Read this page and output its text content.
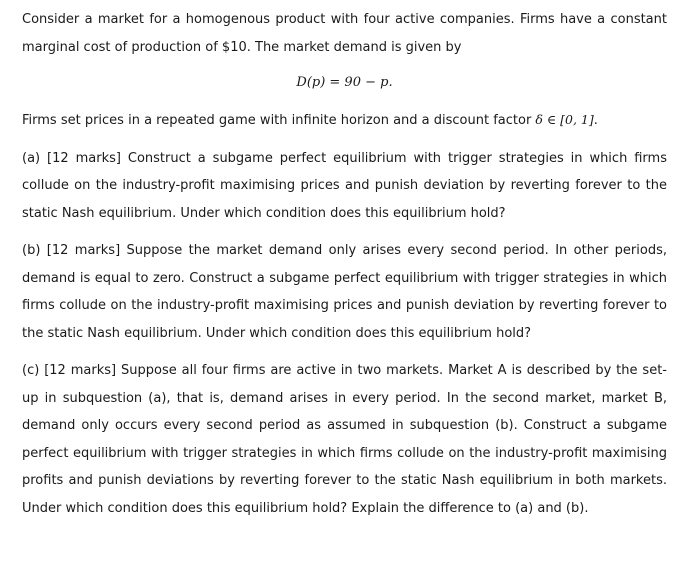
Consider a market for a homogenous product with four active companies. Firms have a constant marginal cost of production of $10. The market demand is given by

D(p) = 90 − p.

Firms set prices in a repeated game with infinite horizon and a discount factor δ ∈ [0, 1].

(a) [12 marks] Construct a subgame perfect equilibrium with trigger strategies in which firms collude on the industry-profit maximising prices and punish deviation by reverting forever to the static Nash equilibrium. Under which condition does this equilibrium hold?

(b) [12 marks] Suppose the market demand only arises every second period. In other periods, demand is equal to zero. Construct a subgame perfect equilibrium with trigger strategies in which firms collude on the industry-profit maximising prices and punish deviation by reverting forever to the static Nash equilibrium. Under which condition does this equilibrium hold?

(c) [12 marks] Suppose all four firms are active in two markets. Market A is described by the set-up in subquestion (a), that is, demand arises in every period. In the second market, market B, demand only occurs every second period as assumed in subquestion (b). Construct a subgame perfect equilibrium with trigger strategies in which firms collude on the industry-profit maximising profits and punish deviations by reverting forever to the static Nash equilibrium in both markets. Under which condition does this equilibrium hold? Explain the difference to (a) and (b).
